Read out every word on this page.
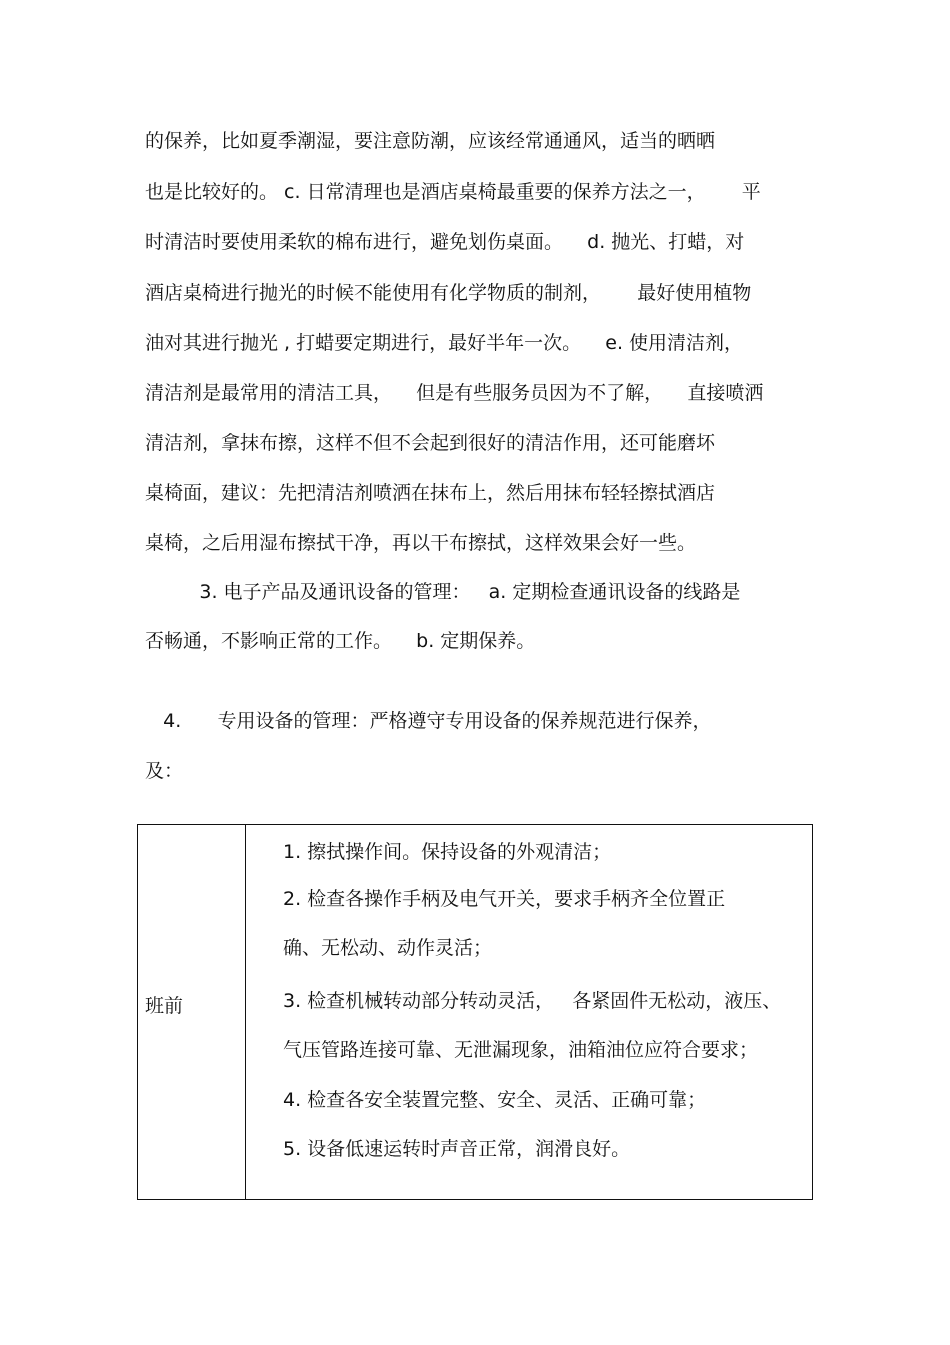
的保养，比如夏季潮湿，要注意防潮，应该经常通通风，适当的晒晒
也是比较好的。 c. 日常清理也是酒店桌椅最重要的保养方法之一，      平
时清洁时要使用柔软的棉布进行，避免划伤桌面。    d. 抛光、打蜡，对
酒店桌椅进行抛光的时候不能使用有化学物质的制剂，      最好使用植物
油对其进行抛光 , 打蜡要定期进行，最好半年一次。    e. 使用清洁剂，
清洁剂是最常用的清洁工具，    但是有些服务员因为不了解，    直接喷洒
清洁剂，拿抹布擦，这样不但不会起到很好的清洁作用，还可能磨坏
桌椅面，建议：先把清洁剂喷洒在抹布上，然后用抹布轻轻擦拭酒店
桌椅，之后用湿布擦拭干净，再以干布擦拭，这样效果会好一些。
3. 电子产品及通讯设备的管理：   a. 定期检查通讯设备的线路是
否畅通，不影响正常的工作。    b. 定期保养。
4.      专用设备的管理：严格遵守专用设备的保养规范进行保养，
及：
班前
1. 擦拭操作间。保持设备的外观清洁；
2. 检查各操作手柄及电气开关，要求手柄齐全位置正
确、无松动、动作灵活；
3. 检查机械转动部分转动灵活，   各紧固件无松动，液压、
气压管路连接可靠、无泄漏现象，油箱油位应符合要求；
4. 检查各安全装置完整、安全、灵活、正确可靠；
5. 设备低速运转时声音正常，润滑良好。
